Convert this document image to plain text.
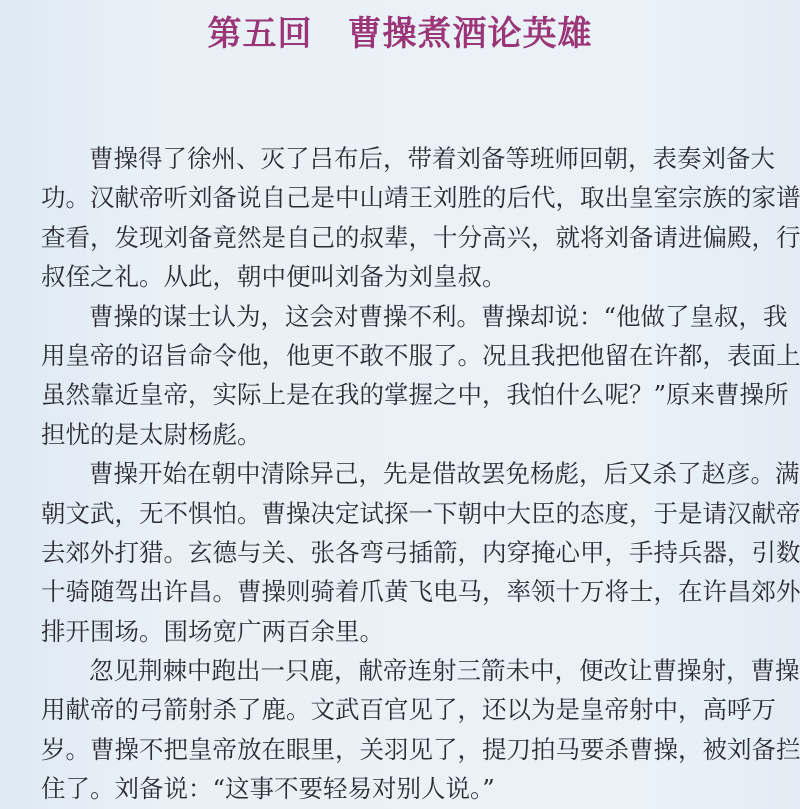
第五回　曹操煮酒论英雄
曹操得了徐州、灭了吕布后，带着刘备等班师回朝，表奏刘备大
功。汉献帝听刘备说自己是中山靖王刘胜的后代，取出皇室宗族的家谱
查看，发现刘备竟然是自己的叔辈，十分高兴，就将刘备请进偏殿，行
叔侄之礼。从此，朝中便叫刘备为刘皇叔。
曹操的谋士认为，这会对曹操不利。曹操却说：“他做了皇叔，我
用皇帝的诏旨命令他，他更不敢不服了。况且我把他留在许都，表面上
虽然靠近皇帝，实际上是在我的掌握之中，我怕什么呢？”原来曹操所
担忧的是太尉杨彪。
曹操开始在朝中清除异己，先是借故罢免杨彪，后又杀了赵彦。满
朝文武，无不惧怕。曹操决定试探一下朝中大臣的态度，于是请汉献帝
去郊外打猎。玄德与关、张各弯弓插箭，内穿掩心甲，手持兵器，引数
十骑随驾出许昌。曹操则骑着爪黄飞电马，率领十万将士，在许昌郊外
排开围场。围场宽广两百余里。
忽见荆棘中跑出一只鹿，献帝连射三箭未中，便改让曹操射，曹操
用献帝的弓箭射杀了鹿。文武百官见了，还以为是皇帝射中，高呼万
岁。曹操不把皇帝放在眼里，关羽见了，提刀拍马要杀曹操，被刘备拦
住了。刘备说：“这事不要轻易对别人说。”
